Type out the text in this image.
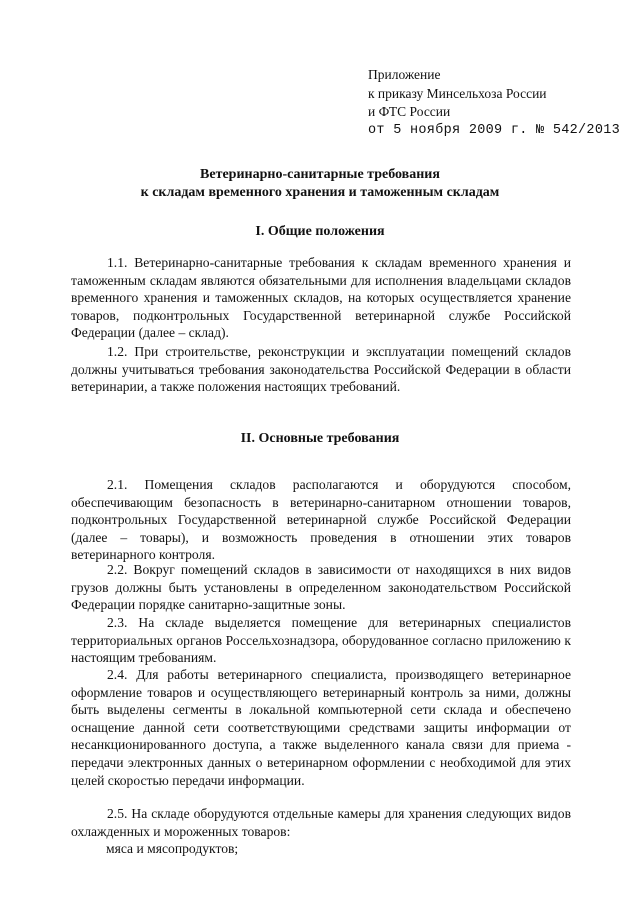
Приложение
к приказу Минсельхоза России
и ФТС России
от 5 ноября 2009 г. № 542/2013
Ветеринарно-санитарные требования
к складам временного хранения и таможенным складам
I. Общие положения
1.1. Ветеринарно-санитарные требования к складам временного хранения и таможенным складам являются обязательными для исполнения владельцами складов временного хранения и таможенных складов, на которых осуществляется хранение товаров, подконтрольных Государственной ветеринарной службе Российской Федерации (далее – склад).
1.2. При строительстве, реконструкции и эксплуатации помещений складов должны учитываться требования законодательства Российской Федерации в области ветеринарии, а также положения настоящих требований.
II. Основные требования
2.1. Помещения складов располагаются и оборудуются способом, обеспечивающим безопасность в ветеринарно-санитарном отношении товаров, подконтрольных Государственной ветеринарной службе Российской Федерации (далее – товары), и возможность проведения в отношении этих товаров ветеринарного контроля.
2.2. Вокруг помещений складов в зависимости от находящихся в них видов грузов должны быть установлены в определенном законодательством Российской Федерации порядке санитарно-защитные зоны.
2.3. На складе выделяется помещение для ветеринарных специалистов территориальных органов Россельхознадзора, оборудованное согласно приложению к настоящим требованиям.
2.4. Для работы ветеринарного специалиста, производящего ветеринарное оформление товаров и осуществляющего ветеринарный контроль за ними, должны быть выделены сегменты в локальной компьютерной сети склада и обеспечено оснащение данной сети соответствующими средствами защиты информации от несанкционированного доступа, а также выделенного канала связи для приема - передачи электронных данных о ветеринарном оформлении с необходимой для этих целей скоростью передачи информации.
2.5. На складе оборудуются отдельные камеры для хранения следующих видов охлажденных и мороженных товаров:
мяса и мясопродуктов;
